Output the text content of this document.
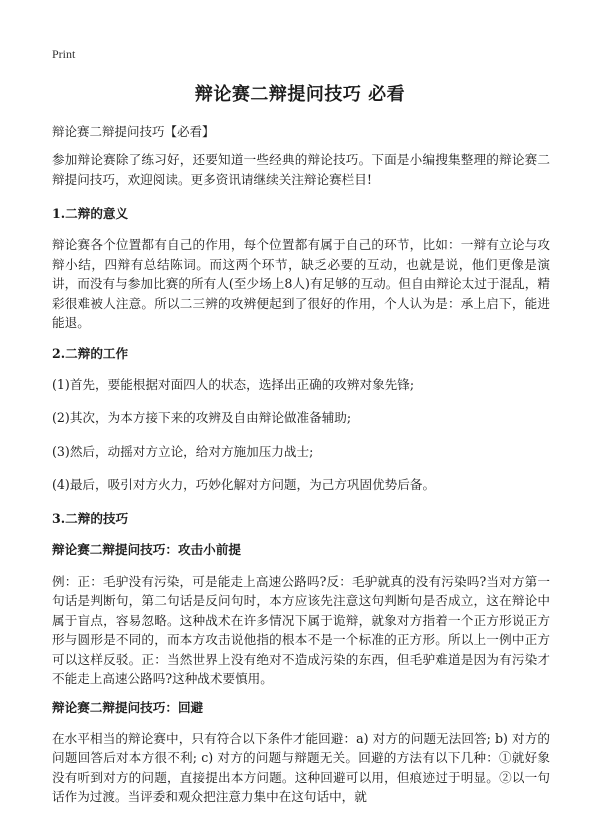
Print
辩论赛二辩提问技巧 必看
辩论赛二辩提问技巧【必看】

参加辩论赛除了练习好，还要知道一些经典的辩论技巧。下面是小编搜集整理的辩论赛二辩提问技巧，欢迎阅读。更多资讯请继续关注辩论赛栏目!

1.二辩的意义

辩论赛各个位置都有自己的作用，每个位置都有属于自己的环节，比如：一辩有立论与攻辩小结，四辩有总结陈词。而这两个环节，缺乏必要的互动，也就是说，他们更像是演讲，而没有与参加比赛的所有人(至少场上8人)有足够的互动。但自由辩论太过于混乱，精彩很难被人注意。所以二三辨的攻辨便起到了很好的作用，个人认为是：承上启下，能进能退。

2.二辩的工作

(1)首先，要能根据对面四人的状态，选择出正确的攻辨对象先锋;

(2)其次，为本方接下来的攻辨及自由辩论做准备辅助;

(3)然后，动摇对方立论，给对方施加压力战士;

(4)最后，吸引对方火力，巧妙化解对方问题，为己方巩固优势后备。

3.二辩的技巧
辩论赛二辩提问技巧：攻击小前提

例：正：毛驴没有污染，可是能走上高速公路吗?反：毛驴就真的没有污染吗?当对方第一句话是判断句，第二句话是反问句时，本方应该先注意这句判断句是否成立，这在辩论中属于盲点，容易忽略。这种战术在许多情况下属于诡辩，就象对方指着一个正方形说正方形与圆形是不同的，而本方攻击说他指的根本不是一个标准的正方形。所以上一例中正方可以这样反驳。正：当然世界上没有绝对不造成污染的东西，但毛驴难道是因为有污染才不能走上高速公路吗?这种战术要慎用。

辩论赛二辩提问技巧：回避

在水平相当的辩论赛中，只有符合以下条件才能回避：a) 对方的问题无法回答; b) 对方的问题回答后对本方很不利; c) 对方的问题与辩题无关。回避的方法有以下几种：①就好象没有听到对方的问题，直接提出本方问题。这种回避可以用，但痕迹过于明显。②以一句话作为过渡。当评委和观众把注意力集中在这句话中，就
